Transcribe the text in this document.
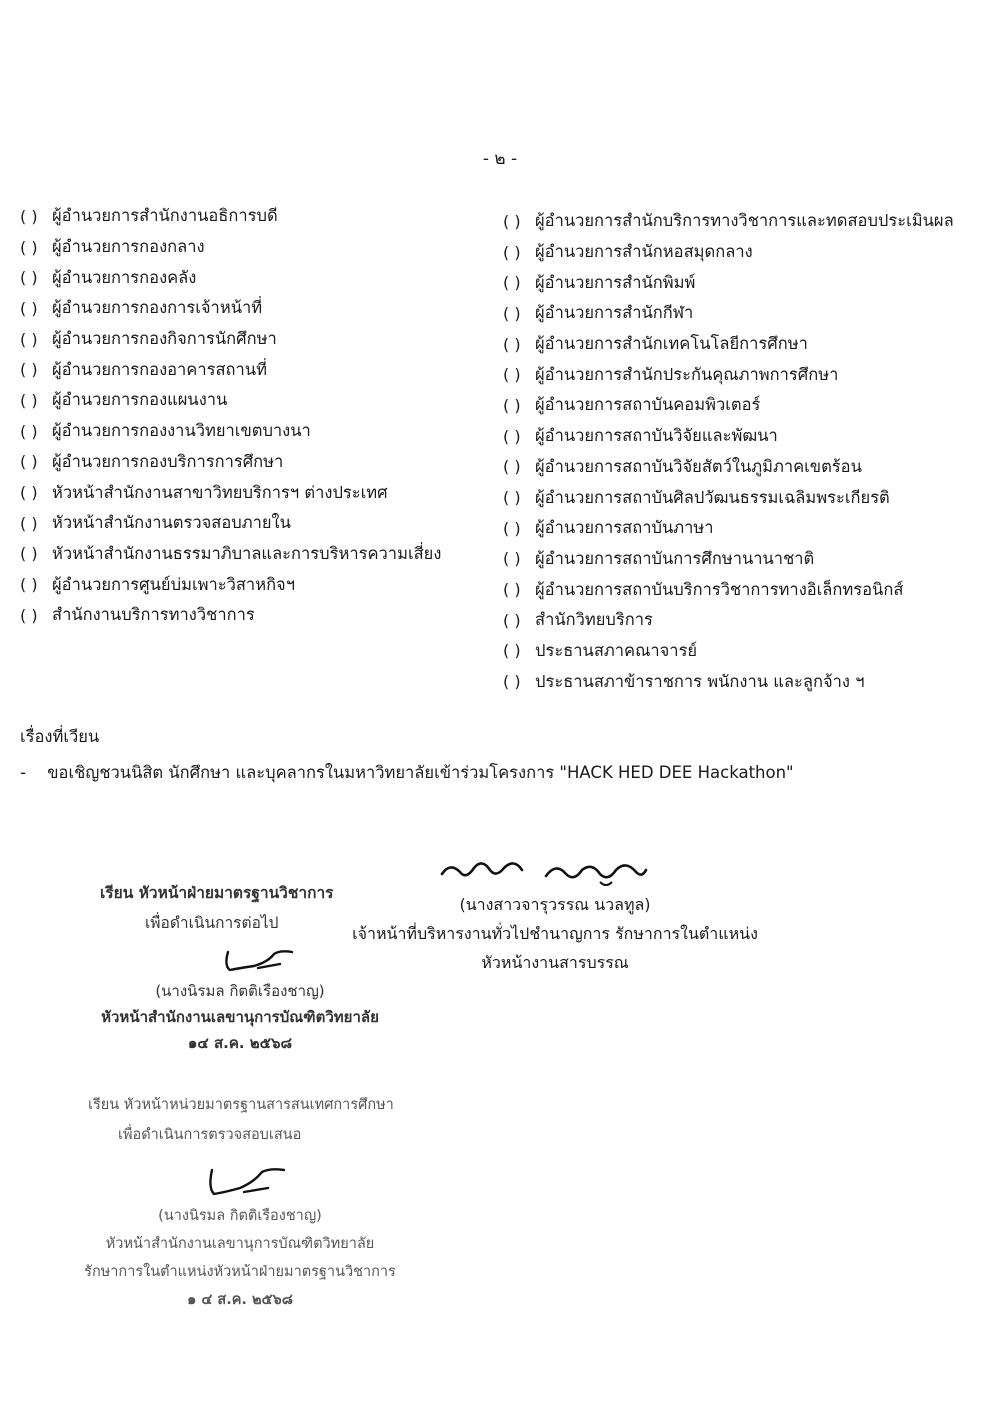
- ๒ -
( ) ผู้อำนวยการสำนักงานอธิการบดี
( ) ผู้อำนวยการกองกลาง
( ) ผู้อำนวยการกองคลัง
( ) ผู้อำนวยการกองการเจ้าหน้าที่
( ) ผู้อำนวยการกองกิจการนักศึกษา
( ) ผู้อำนวยการกองอาคารสถานที่
( ) ผู้อำนวยการกองแผนงาน
( ) ผู้อำนวยการกองงานวิทยาเขตบางนา
( ) ผู้อำนวยการกองบริการการศึกษา
( ) หัวหน้าสำนักงานสาขาวิทยบริการฯ ต่างประเทศ
( ) หัวหน้าสำนักงานตรวจสอบภายใน
( ) หัวหน้าสำนักงานธรรมาภิบาลและการบริหารความเสี่ยง
( ) ผู้อำนวยการศูนย์บ่มเพาะวิสาหกิจฯ
( ) สำนักงานบริการทางวิชาการ
( ) ผู้อำนวยการสำนักบริการทางวิชาการและทดสอบประเมินผล
( ) ผู้อำนวยการสำนักหอสมุดกลาง
( ) ผู้อำนวยการสำนักพิมพ์
( ) ผู้อำนวยการสำนักกีฬา
( ) ผู้อำนวยการสำนักเทคโนโลยีการศึกษา
( ) ผู้อำนวยการสำนักประกันคุณภาพการศึกษา
( ) ผู้อำนวยการสถาบันคอมพิวเตอร์
( ) ผู้อำนวยการสถาบันวิจัยและพัฒนา
( ) ผู้อำนวยการสถาบันวิจัยสัตว์ในภูมิภาคเขตร้อน
( ) ผู้อำนวยการสถาบันศิลปวัฒนธรรมเฉลิมพระเกียรติ
( ) ผู้อำนวยการสถาบันภาษา
( ) ผู้อำนวยการสถาบันการศึกษานานาชาติ
( ) ผู้อำนวยการสถาบันบริการวิชาการทางอิเล็กทรอนิกส์
( ) สำนักวิทยบริการ
( ) ประธานสภาคณาจารย์
( ) ประธานสภาข้าราชการ พนักงาน และลูกจ้าง ฯ
เรื่องที่เวียน
- ขอเชิญชวนนิสิต นักศึกษา และบุคลากรในมหาวิทยาลัยเข้าร่วมโครงการ "HACK HED DEE Hackathon"
(นางสาวจารุวรรณ นวลทูล)
เจ้าหน้าที่บริหารงานทั่วไปชำนาญการ รักษาการในตำแหน่ง
หัวหน้างานสารบรรณ
เรียน หัวหน้าฝ่ายมาตรฐานวิชาการ
เพื่อดำเนินการต่อไป
(นางนิรมล กิตติเรืองชาญ)
หัวหน้าสำนักงานเลขานุการบัณฑิตวิทยาลัย
๑๔ ส.ค. ๒๕๖๘
เรียน หัวหน้าหน่วยมาตรฐานสารสนเทศการศึกษา
เพื่อดำเนินการตรวจสอบเสนอ
(นางนิรมล กิตติเรืองชาญ)
หัวหน้าสำนักงานเลขานุการบัณฑิตวิทยาลัย
รักษาการในตำแหน่งหัวหน้าฝ่ายมาตรฐานวิชาการ
๑ ๔ ส.ค. ๒๕๖๘
